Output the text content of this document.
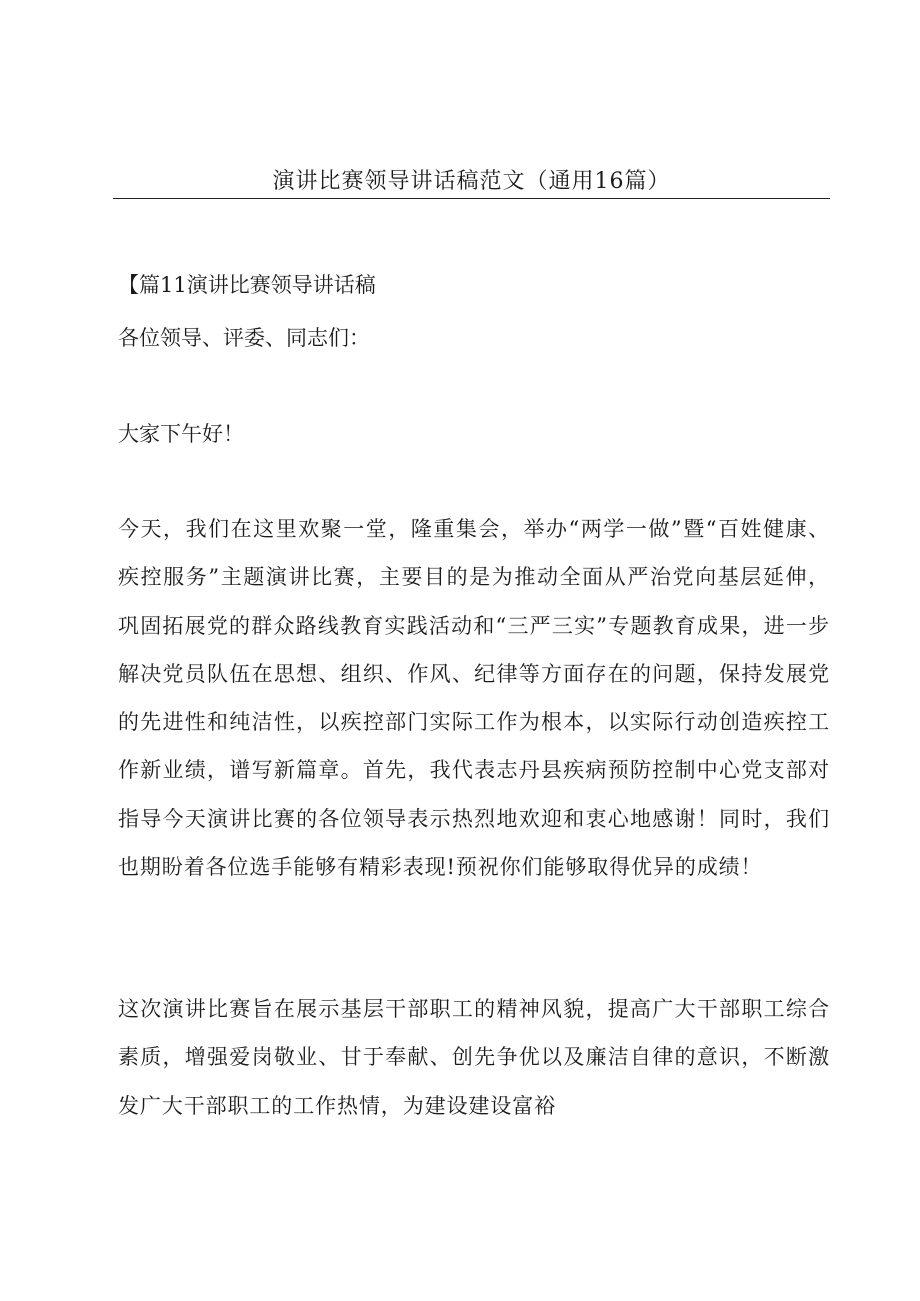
演讲比赛领导讲话稿范文（通用16篇）
【篇11演讲比赛领导讲话稿
各位领导、评委、同志们：
大家下午好！
今天，我们在这里欢聚一堂，隆重集会，举办“两学一做”暨“百姓健康、疾控服务”主题演讲比赛，主要目的是为推动全面从严治党向基层延伸，巩固拓展党的群众路线教育实践活动和“三严三实”专题教育成果，进一步解决党员队伍在思想、组织、作风、纪律等方面存在的问题，保持发展党的先进性和纯洁性，以疾控部门实际工作为根本，以实际行动创造疾控工作新业绩，谱写新篇章。首先，我代表志丹县疾病预防控制中心党支部对指导今天演讲比赛的各位领导表示热烈地欢迎和衷心地感谢！同时，我们也期盼着各位选手能够有精彩表现!预祝你们能够取得优异的成绩！
这次演讲比赛旨在展示基层干部职工的精神风貌，提高广大干部职工综合素质，增强爱岗敬业、甘于奉献、创先争优以及廉洁自律的意识，不断激发广大干部职工的工作热情，为建设建设富裕
